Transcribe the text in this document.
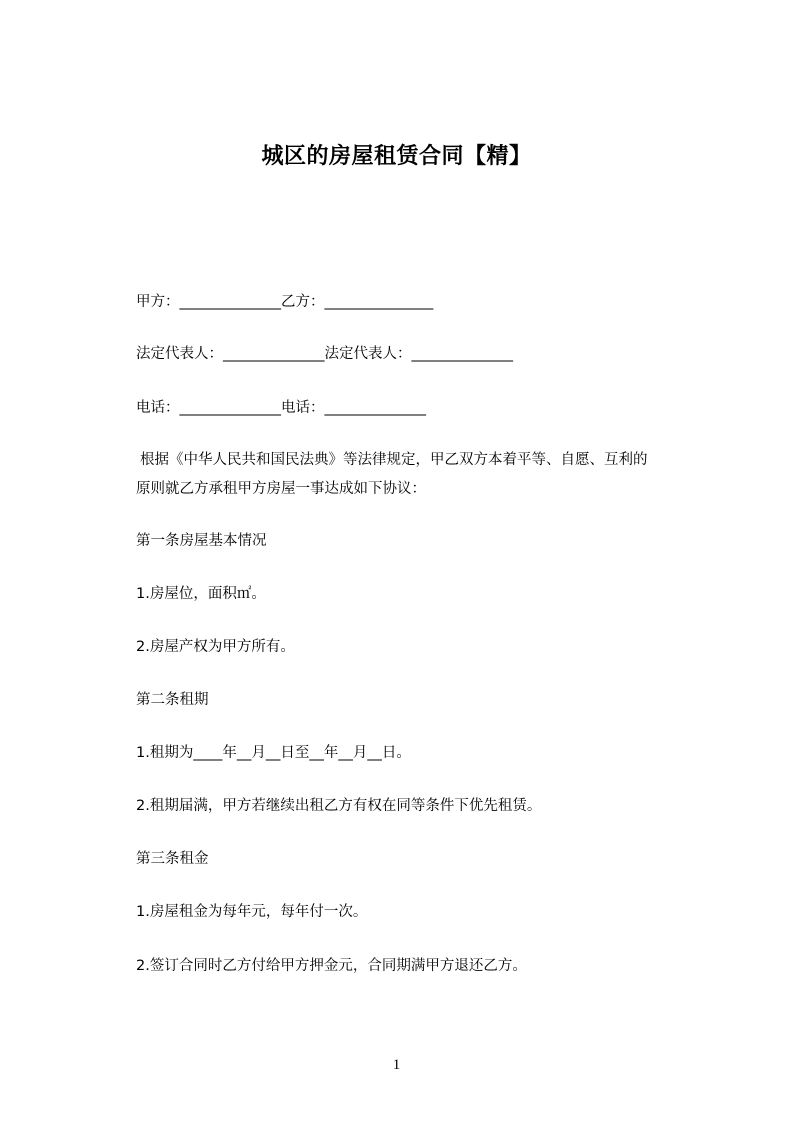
城区的房屋租赁合同【精】
甲方：______________乙方：_______________
法定代表人：______________法定代表人：______________
电话：______________电话：______________
根据《中华人民共和国民法典》等法律规定，甲乙双方本着平等、自愿、互利的
原则就乙方承租甲方房屋一事达成如下协议：
第一条房屋基本情况
1.房屋位，面积㎡。
2.房屋产权为甲方所有。
第二条租期
1.租期为____年__月__日至__年__月__日。
2.租期届满，甲方若继续出租乙方有权在同等条件下优先租赁。
第三条租金
1.房屋租金为每年元，每年付一次。
2.签订合同时乙方付给甲方押金元，合同期满甲方退还乙方。
1
